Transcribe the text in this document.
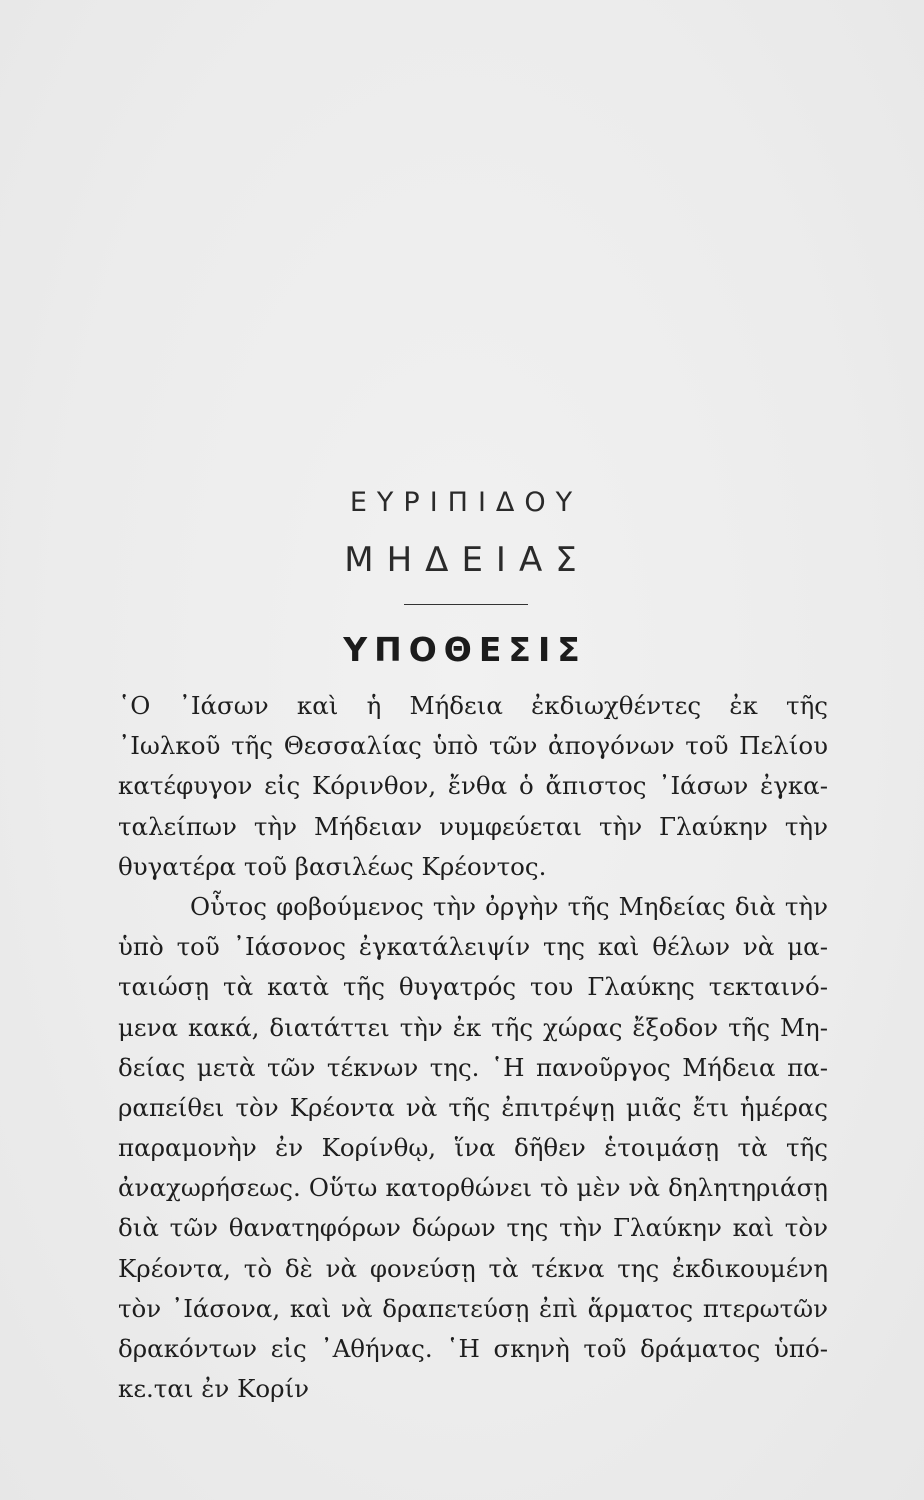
ΕΥΡΙΠΙΔΟΥ
ΜΗΔΕΙΑΣ
ΥΠΟΘΕΣΙΣ
῾Ο ᾿Ιάσων καὶ ἡ Μήδεια ἐκδιωχθέντες ἐκ τῆς
᾿Ιωλκοῦ τῆς Θεσσαλίας ὑπὸ τῶν ἀπογόνων τοῦ Πελίου
κατέφυγον εἰς Κόρινθον, ἔνθα ὁ ἄπιστος ᾿Ιάσων ἐγκα-
ταλείπων τὴν Μήδειαν νυμφεύεται τὴν Γλαύκην τὴν
θυγατέρα τοῦ βασιλέως Κρέοντος.
Οὗτος φοβούμενος τὴν ὀργὴν τῆς Μηδείας διὰ τὴν
ὑπὸ τοῦ ᾿Ιάσονος ἐγκατάλειψίν της καὶ θέλων νὰ μα-
ταιώσῃ τὰ κατὰ τῆς θυγατρός του Γλαύκης τεκταινό-
μενα κακά, διατάττει τὴν ἐκ τῆς χώρας ἔξοδον τῆς Μη-
δείας μετὰ τῶν τέκνων της. ῾Η πανοῦργος Μήδεια πα-
ραπείθει τὸν Κρέοντα νὰ τῆς ἐπιτρέψῃ μιᾶς ἔτι ἡμέρας
παραμονὴν ἐν Κορίνθῳ, ἵνα δῆθεν ἑτοιμάσῃ τὰ τῆς
ἀναχωρήσεως. Οὕτω κατορθώνει τὸ μὲν νὰ δηλητηριάσῃ
διὰ τῶν θανατηφόρων δώρων της τὴν Γλαύκην καὶ τὸν
Κρέοντα, τὸ δὲ νὰ φονεύσῃ τὰ τέκνα της ἐκδικουμένη
τὸν ᾿Ιάσονα, καὶ νὰ δραπετεύσῃ ἐπὶ ἅρματος πτερωτῶν
δρακόντων εἰς ᾿Αθήνας. ῾Η σκηνὴ τοῦ δράματος ὑπό-
κε.ται ἐν Κορίν
